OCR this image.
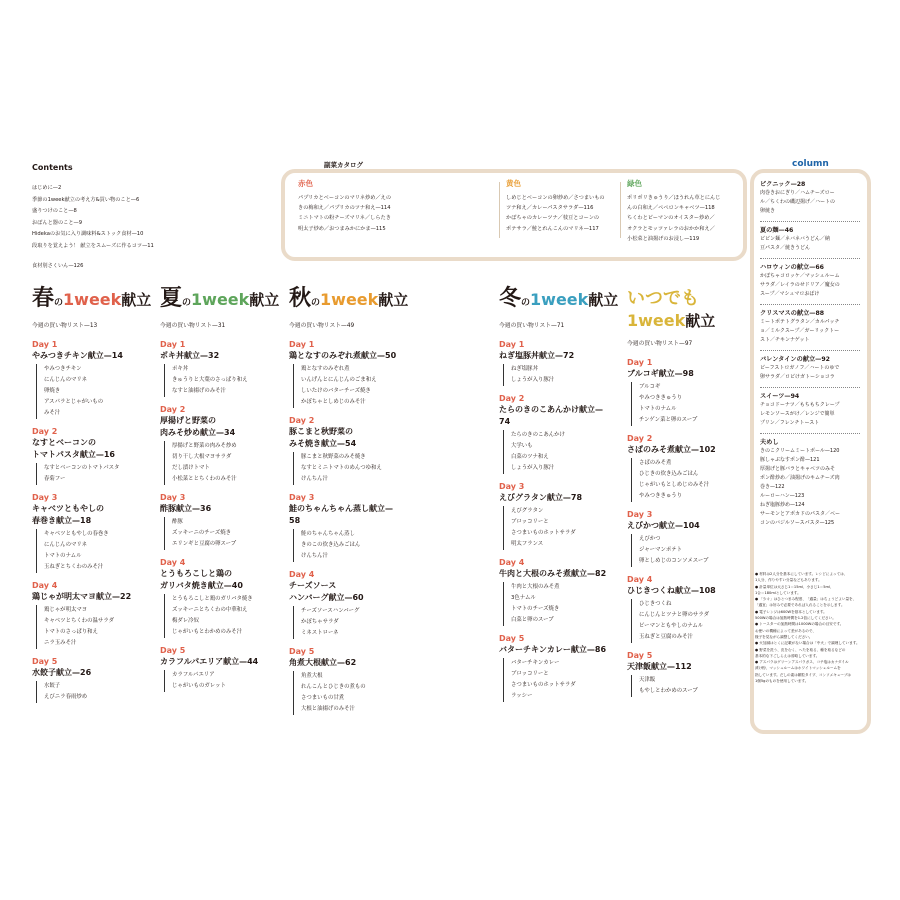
Contents
はじめに—2
季節の1week献立の考え方&買い物のこと—6
盛りつけのこと—8
おぼんと器のこと—9
Hidekaのお気に入り調味料&ストック食材—10
段取りを覚えよう！ 献立をスムーズに作るコツ—11
食材別さくいん—126
副菜カタログ
赤色
パプリカとベーコンのマリネ炒め／えの
きの梅和え／パプリカのツナ和え—114
ミニトマトの粉チーズマリネ／しらたき
明太子炒め／おつまみかにかま—115
黄色
しめじとベーコンの卵炒め／さつまいもの
ツナ和え／カレーパスタサラダ—116
かぼちゃのカレーツナ／枝豆とコーンの
ポテサラ／鮭とれんこんのマリネ—117
緑色
ポリポリきゅうり／ほうれん草とにんじ
んの白和え／ペペロンキャベツ—118
ちくわとピーマンのオイスター炒め／
オクラとモッツァレラのおかか和え／
小松菜と油揚げのお浸し—119
column
ピクニック—28
肉巻きおにぎり／ハムチーズロー
ル／ちくわの磯辺揚げ／ハートの
卵焼き
夏の麺—46
ビビン麺／ネバネバうどん／納
豆パスタ／焼きうどん
ハロウィンの献立—66
かぼちゃコロッケ／マッシュルーム
サラダ／レイラのせドリア／魔女の
スープ／マシュマロおばけ
クリスマスの献立—88
ミートポテトグラタン／カルパッチ
ョ／ミルクスープ／ガーリックトー
スト／チキンナゲット
バレンタインの献立—92
ビーフストロガノフ／ハートのゆで
卵サラダ／ロビけガトーショコラ
スイーツ—94
チョコドーナツ／もちもちクレープ
レモンソースがけ／レンジで簡単
プリン／フレンチトースト
夫めし
きのこクリームミートボール—120
豚しゃぶなすポン酢—121
厚揚げと豚バラとキャベツのみそ
ポン酢炒め／油揚げのキムチーズ肉
巻き—122
ルーローハン—123
ねぎ塩豚炒め—124
サーモンとアボカドのパスタ／ベー
コンのバジルソースパスタ—125
● 材料は2人分を基本にしています。レシピによっては、
1人分、作りやすい分量などもあります。
● 計量単位は大さじ1＝15ml、小さじ1＝5ml、
1合＝180mlとしています。
● 「少々」はひとつまみ程度、「適量」はちょうどよい量を、
「適宜」は好みで必要であれば入れることを示します。
● 電子レンジは600Wを基本としています。
500Wの場合は加熱時間を1.2倍にしてください。
● トースターの加熱時間は1000Wの場合の目安です。
お使いの機種によって差があるので、
様子を見ながら調整してください。
● 火加減はとくに記載がない場合は「中火」で調理しています。
● 野菜を洗う、皮をむく、へたを取る、種を取るなどの
基本的な下ごしらえは省略しています。
● アスパラはグリーンアスパラガス、コチ塩はカナダイル
漬け粉、マッシュルームはホワイトマッシュルームを
指しています。だしの素は顆粒タイプ、コンソメキューブは
1個5gのものを使用しています。
春の1week献立
今週の買い物リスト—13
Day 1
やみつきチキン献立—14
やみつきチキン
にんじんのマリネ
卵焼き
アスパラとじゃがいもの
みそ汁
Day 2
なすとベーコンの
トマトパスタ献立—16
なすとベーコンのトマトパスタ
春菊フー
Day 3
キャベツともやしの
春巻き献立—18
キャベツともやしの春巻き
にんじんのマリネ
トマトのナムル
玉ねぎとちくわのみそ汁
Day 4
鶏じゃが明太マヨ献立—22
鶏じゃが明太マヨ
キャベツとちくわの温サラダ
トマトのさっぱり和え
ニラ玉みそ汁
Day 5
水餃子献立—26
水餃子
えびニラ春雨炒め
夏の1week献立
今週の買い物リスト—31
Day 1
ポキ丼献立—32
ポキ丼
きゅうりと大葉のさっぱり和え
なすと油揚げのみそ汁
Day 2
厚揚げと野菜の
肉みそ炒め献立—34
厚揚げと野菜の肉みそ炒め
切り干し大根マヨサラダ
だし漬けトマト
小松菜ととちくわのみそ汁
Day 3
酢豚献立—36
酢豚
ズッキーニのチーズ焼き
エリンギと豆腐の卵スープ
Day 4
とうもろこしと鶏の
ガリバタ焼き献立—40
とうもろこしと鶏のガリバタ焼き
ズッキーニとちくわの中華和え
梅ダレ冷奴
じゃがいもとわかめのみそ汁
Day 5
カラフルパエリア献立—44
カラフルパエリア
じゃがいものガレット
秋の1week献立
今週の買い物リスト—49
Day 1
鶏となすのみぞれ煮献立—50
鶏となすのみぞれ煮
いんげんとにんじんのごま和え
しいたけのバターチーズ焼き
かぼちゃとしめじのみそ汁
Day 2
豚こまと秋野菜の
みそ焼き献立—54
豚こまと秋野菜のみそ焼き
なすとミニトマトのめんつゆ和え
けんちん汁
Day 3
鮭のちゃんちゃん蒸し献立—
58
鮭のちゃんちゃん蒸し
きのこの炊き込みごはん
けんちん汁
Day 4
チーズソース
ハンバーグ献立—60
チーズソースハンバーグ
かぼちゃサラダ
ミネストローネ
Day 5
角煮大根献立—62
角煮大根
れんこんとひじきの煮もの
さつまいもの甘煮
大根と油揚げのみそ汁
冬の1week献立
今週の買い物リスト—71
Day 1
ねぎ塩豚丼献立—72
ねぎ塩豚丼
しょうが入り豚汁
Day 2
たらのきのこあんかけ献立—
74
たらのきのこあんかけ
大学いも
白菜のツナ和え
しょうが入り豚汁
Day 3
えびグラタン献立—78
えびグラタン
ブロッコリーと
さつまいものホットサラダ
明太フランス
Day 4
牛肉と大根のみそ煮献立—82
牛肉と大根のみそ煮
3色ナムル
トマトのチーズ焼き
白菜と卵のスープ
Day 5
バターチキンカレー献立—86
バターチキンカレー
ブロッコリーと
さつまいものホットサラダ
ラッシー
いつでも
1week献立
今週の買い物リスト—97
Day 1
ブルコギ献立—98
ブルコギ
やみつききゅうり
トマトのナムル
チンゲン菜と卵のスープ
Day 2
さばのみそ煮献立—102
さばのみそ煮
ひじきの炊き込みごはん
じゃがいもとしめじのみそ汁
やみつききゅうり
Day 3
えびかつ献立—104
えびかつ
ジャーマンポテト
卵としめじのコンソメスープ
Day 4
ひじきつくね献立—108
ひじきつくね
にんじんとツナと卵のサラダ
ピーマンともやしのナムル
玉ねぎと豆腐のみそ汁
Day 5
天津飯献立—112
天津飯
もやしとわかめのスープ
